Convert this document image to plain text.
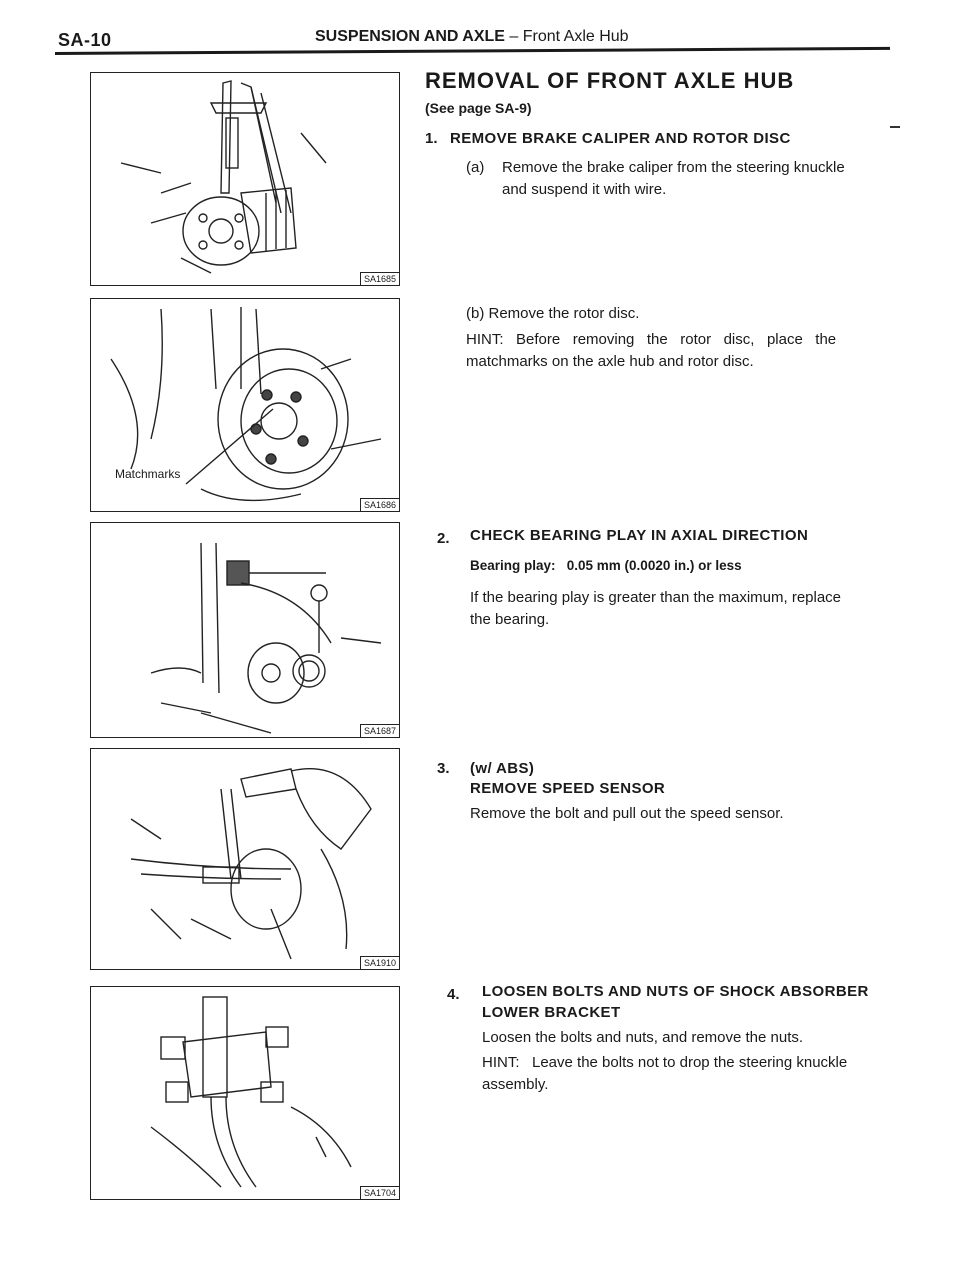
SA-10	SUSPENSION AND AXLE – Front Axle Hub
SA1685
Matchmarks
SA1686
SA1687
SA1910
SA1704
REMOVAL OF FRONT AXLE HUB
(See page SA-9)
1. REMOVE BRAKE CALIPER AND ROTOR DISC
(a) Remove the brake caliper from the steering knuckle
and suspend it with wire.
(b) Remove the rotor disc.
HINT:   Before   removing   the   rotor   disc,   place   the
matchmarks on the axle hub and rotor disc.
2. CHECK BEARING PLAY IN AXIAL DIRECTION
Bearing play:   0.05 mm (0.0020 in.) or less
If the bearing play is greater than the maximum, replace
the bearing.
3. (w/ ABS)
REMOVE SPEED SENSOR
Remove the bolt and pull out the speed sensor.
4. LOOSEN BOLTS AND NUTS OF SHOCK ABSORBER
LOWER BRACKET
Loosen the bolts and nuts, and remove the nuts.
HINT:   Leave the bolts not to drop the steering knuckle
assembly.
